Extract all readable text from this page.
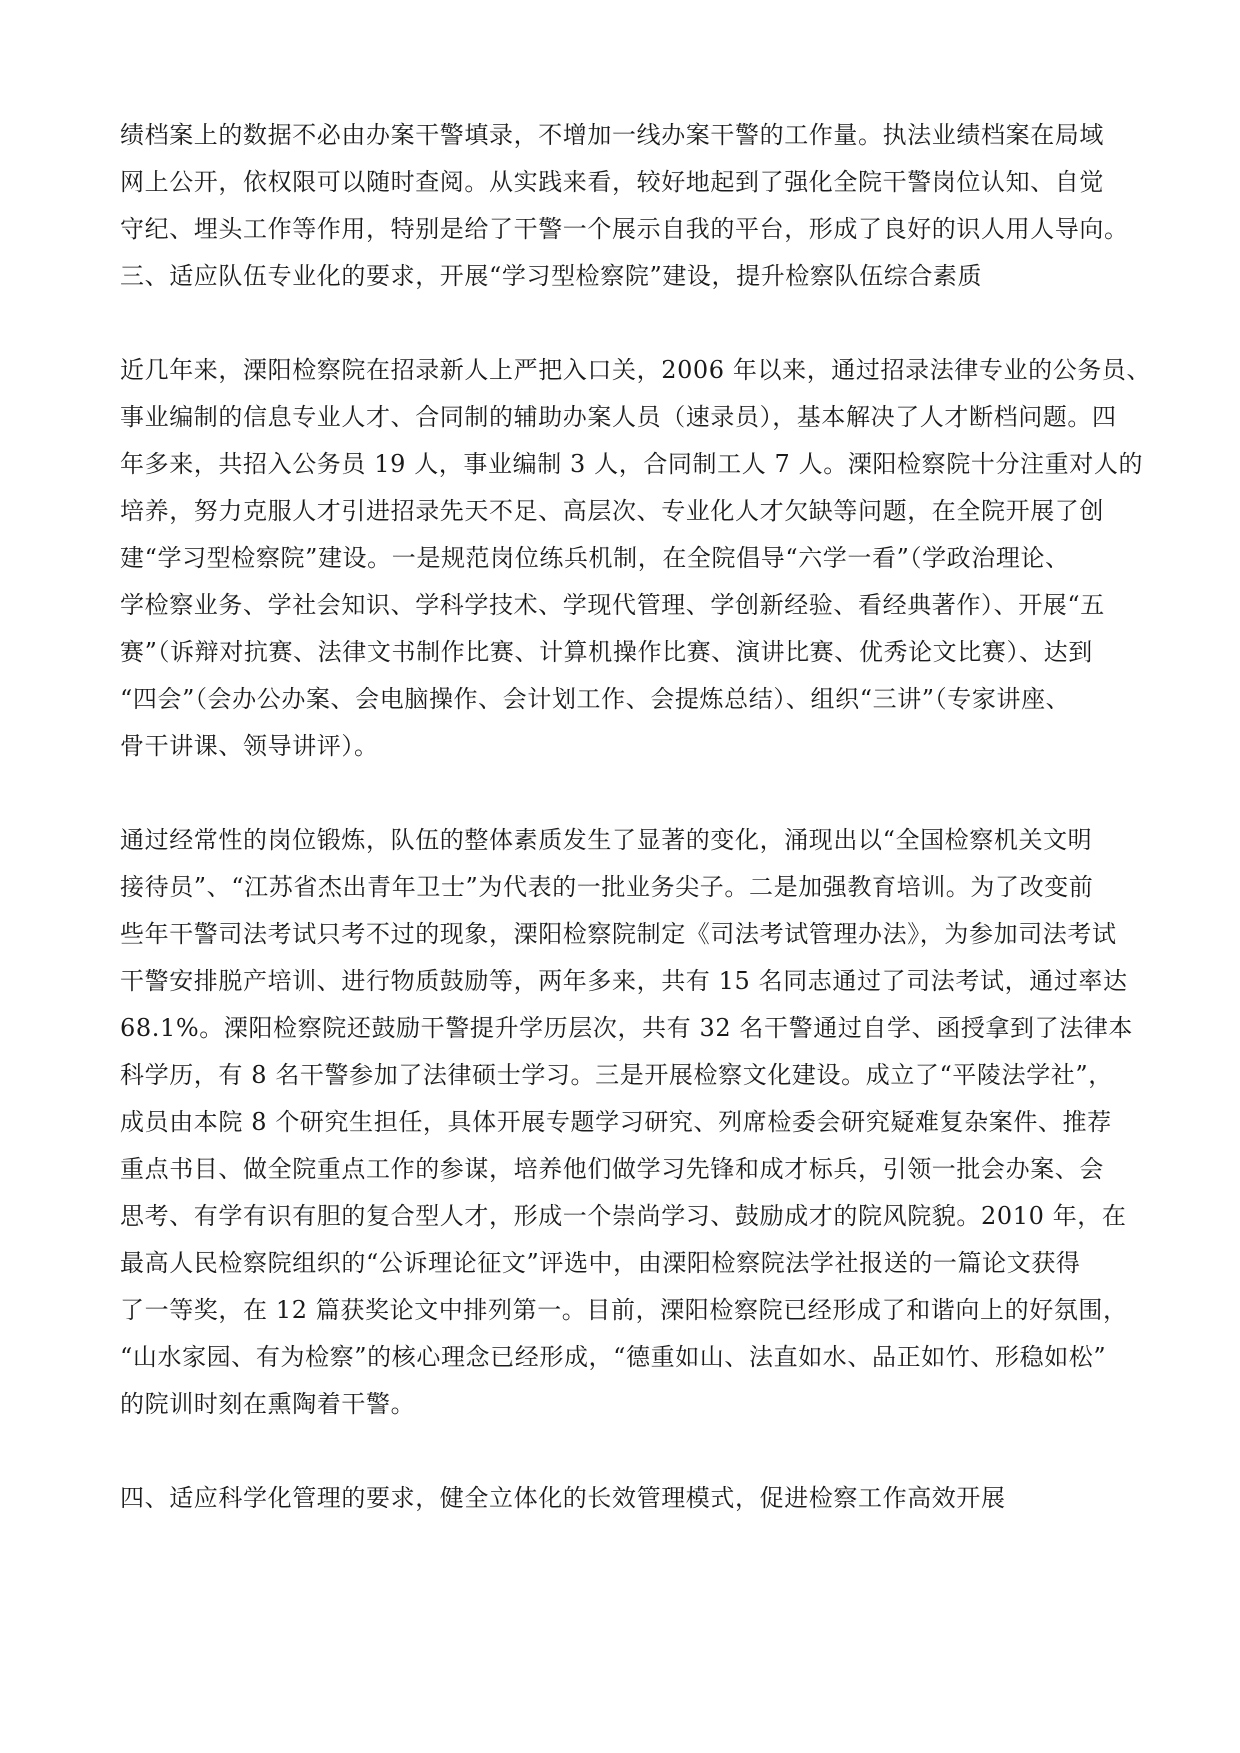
绩档案上的数据不必由办案干警填录，不增加一线办案干警的工作量。执法业绩档案在局域
网上公开，依权限可以随时查阅。从实践来看，较好地起到了强化全院干警岗位认知、自觉
守纪、埋头工作等作用，特别是给了干警一个展示自我的平台，形成了良好的识人用人导向。
三、适应队伍专业化的要求，开展“学习型检察院”建设，提升检察队伍综合素质
近几年来，溧阳检察院在招录新人上严把入口关，2006 年以来，通过招录法律专业的公务员、
事业编制的信息专业人才、合同制的辅助办案人员（速录员），基本解决了人才断档问题。四
年多来，共招入公务员 19 人，事业编制 3 人，合同制工人 7 人。溧阳检察院十分注重对人的
培养，努力克服人才引进招录先天不足、高层次、专业化人才欠缺等问题，在全院开展了创
建“学习型检察院”建设。一是规范岗位练兵机制，在全院倡导“六学一看”（学政治理论、
学检察业务、学社会知识、学科学技术、学现代管理、学创新经验、看经典著作）、开展“五
赛”（诉辩对抗赛、法律文书制作比赛、计算机操作比赛、演讲比赛、优秀论文比赛）、达到
“四会”（会办公办案、会电脑操作、会计划工作、会提炼总结）、组织“三讲”（专家讲座、
骨干讲课、领导讲评）。
通过经常性的岗位锻炼，队伍的整体素质发生了显著的变化，涌现出以“全国检察机关文明
接待员”、“江苏省杰出青年卫士”为代表的一批业务尖子。二是加强教育培训。为了改变前
些年干警司法考试只考不过的现象，溧阳检察院制定《司法考试管理办法》，为参加司法考试
干警安排脱产培训、进行物质鼓励等，两年多来，共有 15 名同志通过了司法考试，通过率达
68.1%。溧阳检察院还鼓励干警提升学历层次，共有 32 名干警通过自学、函授拿到了法律本
科学历，有 8 名干警参加了法律硕士学习。三是开展检察文化建设。成立了“平陵法学社”，
成员由本院 8 个研究生担任，具体开展专题学习研究、列席检委会研究疑难复杂案件、推荐
重点书目、做全院重点工作的参谋，培养他们做学习先锋和成才标兵，引领一批会办案、会
思考、有学有识有胆的复合型人才，形成一个崇尚学习、鼓励成才的院风院貌。2010 年，在
最高人民检察院组织的“公诉理论征文”评选中，由溧阳检察院法学社报送的一篇论文获得
了一等奖，在 12 篇获奖论文中排列第一。目前，溧阳检察院已经形成了和谐向上的好氛围，
“山水家园、有为检察”的核心理念已经形成，“德重如山、法直如水、品正如竹、形稳如松”
的院训时刻在熏陶着干警。
四、适应科学化管理的要求，健全立体化的长效管理模式，促进检察工作高效开展
